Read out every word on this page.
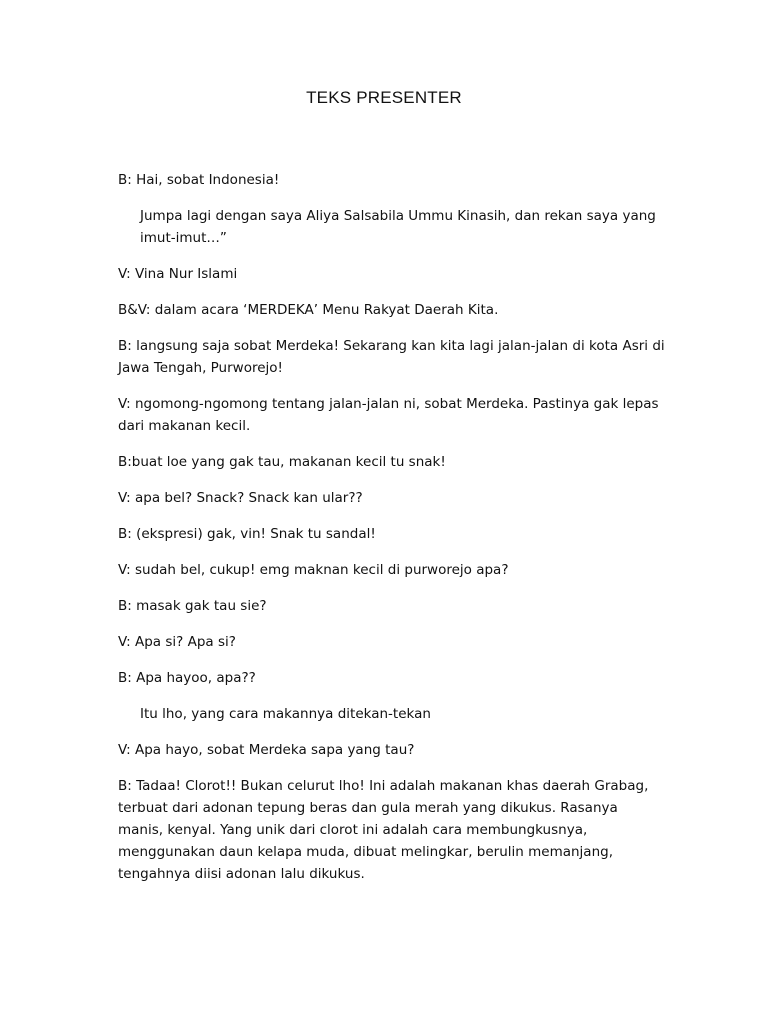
TEKS PRESENTER

B: Hai, sobat Indonesia!

Jumpa lagi dengan saya Aliya Salsabila Ummu Kinasih, dan rekan saya yang
imut-imut…”

V: Vina Nur Islami

B&V: dalam acara ‘MERDEKA’ Menu Rakyat Daerah Kita.

B: langsung saja sobat Merdeka! Sekarang kan kita lagi jalan-jalan di kota Asri di
Jawa Tengah, Purworejo!

V: ngomong-ngomong tentang jalan-jalan ni, sobat Merdeka. Pastinya gak lepas
dari makanan kecil.

B:buat loe yang gak tau, makanan kecil tu snak!

V: apa bel? Snack? Snack kan ular??

B: (ekspresi) gak, vin! Snak tu sandal!

V: sudah bel, cukup! emg maknan kecil di purworejo apa?

B: masak gak tau sie?

V: Apa si? Apa si?

B: Apa hayoo, apa??

Itu lho, yang cara makannya ditekan-tekan

V: Apa hayo, sobat Merdeka sapa yang tau?

B: Tadaa! Clorot!! Bukan celurut lho! Ini adalah makanan khas daerah Grabag,
terbuat dari adonan tepung beras dan gula merah yang dikukus. Rasanya
manis, kenyal. Yang unik dari clorot ini adalah cara membungkusnya,
menggunakan daun kelapa muda, dibuat melingkar, berulin memanjang,
tengahnya diisi adonan lalu dikukus.
